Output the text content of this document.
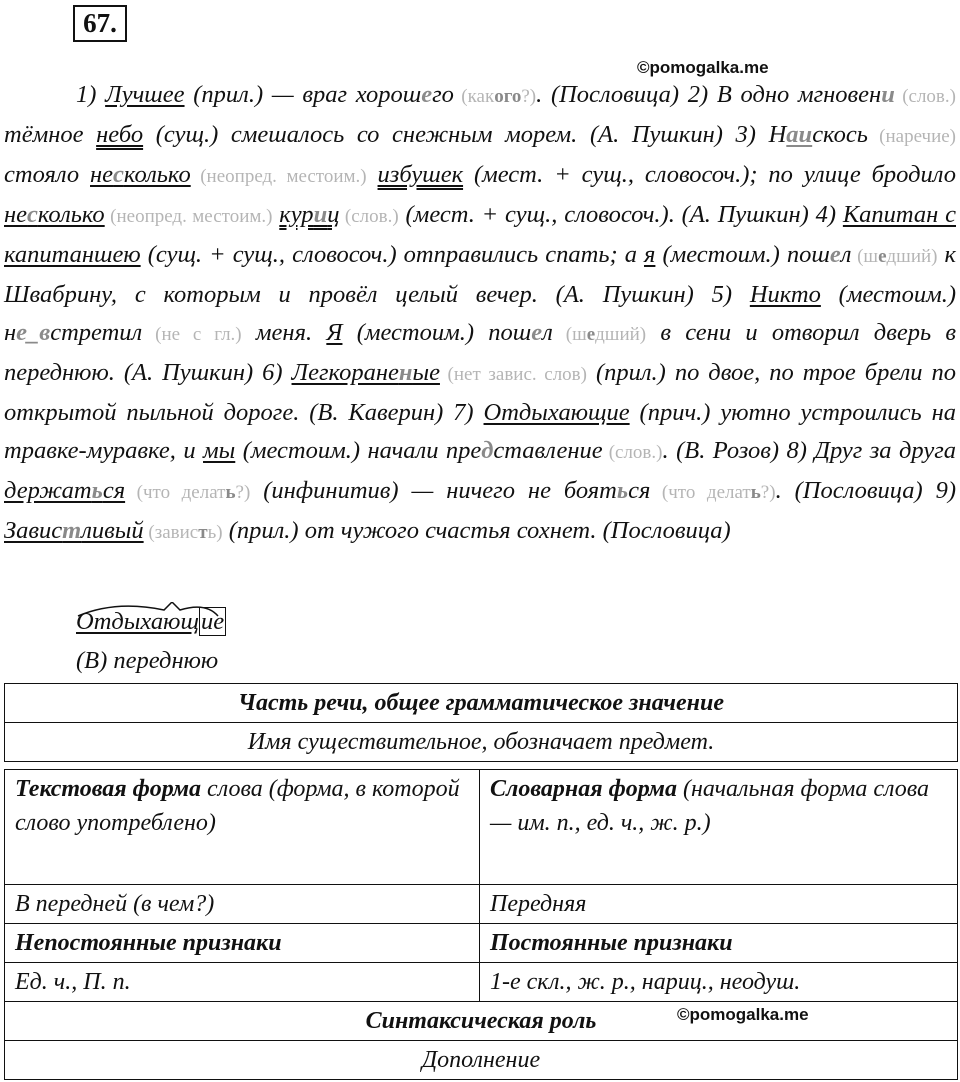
67.
©pomogalka.me

1) Лучшее (прил.) — враг хорошего (какого?). (Пословица) 2) В одно мгновени (слов.) тёмное небо (сущ.) смешалось со снежным морем. (А. Пушкин) 3) Наискось (наречие) стояло несколько (неопред. местоим.) избушек (мест. + сущ., словосоч.); по улице бродило несколько (неопред. местоим.) куриц (слов.) (мест. + сущ., словосоч.). (А. Пушкин) 4) Капитан с капитаншею (сущ. + сущ., словосоч.) отправились спать; а я (местоим.) пошел (шедший) к Швабрину, с которым и провёл целый вечер. (А. Пушкин) 5) Никто (местоим.) не_встретил (не с гл.) меня. Я (местоим.) пошел (шедший) в сени и отворил дверь в переднюю. (А. Пушкин) 6) Легкораненые (нет завис. слов) (прил.) по двое, по трое брели по открытой пыльной дороге. (В. Каверин) 7) Отдыхающие (прич.) уютно устроились на травке-муравке, и мы (местоим.) начали представление (слов.). (В. Розов) 8) Друг за друга держаться (что делать?) (инфинитив) — ничего не бояться (что делать?). (Пословица) 9) Завистливый (зависть) (прил.) от чужого счастья сохнет. (Пословица)

Отдыхающие
(В) переднюю
Часть речи, общее грамматическое значение
Имя существительное, обозначает предмет.
Текстовая форма слова (форма, в которой слово употреблено)	Словарная форма (начальная форма слова — им. п., ед. ч., ж. р.)
В передней (в чем?)	Передняя
Непостоянные признаки	Постоянные признаки
Ед. ч., П. п.	1-е скл., ж. р., нариц., неодуш.
Синтаксическая роль	
Дополнение	
©pomogalka.me
